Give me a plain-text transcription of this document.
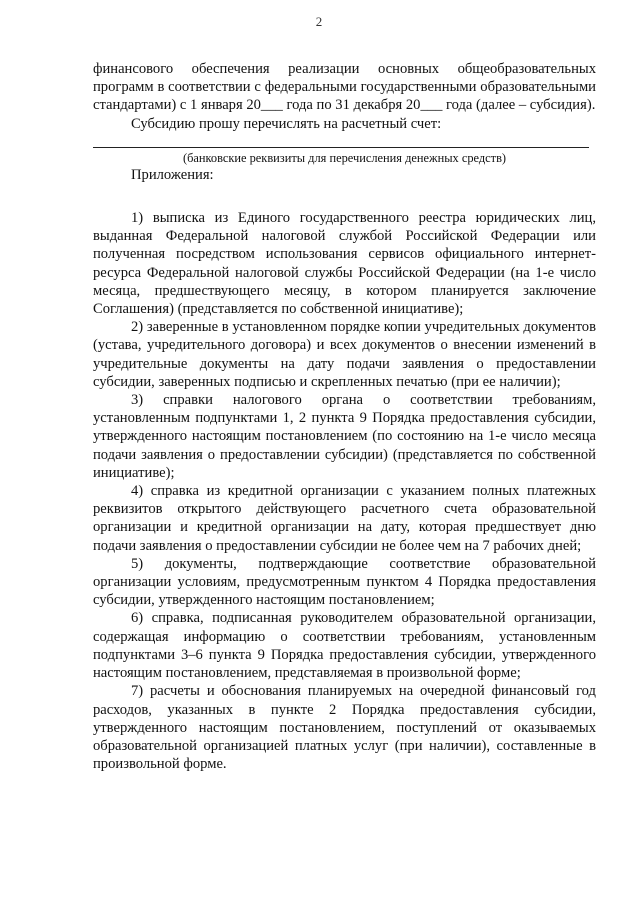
2

финансового обеспечения реализации основных общеобразовательных программ в соответствии с федеральными государственными образовательными стандартами) с 1 января 20___ года по 31 декабря 20___ года (далее – субсидия).

Субсидию прошу перечислять на расчетный счет:

(банковские реквизиты для перечисления денежных средств)

Приложения:

1) выписка из Единого государственного реестра юридических лиц, выданная Федеральной налоговой службой Российской Федерации или полученная посредством использования сервисов официального интернет-ресурса Федеральной налоговой службы Российской Федерации (на 1-е число месяца, предшествующего месяцу, в котором планируется заключение Соглашения) (представляется по собственной инициативе);

2) заверенные в установленном порядке копии учредительных документов (устава, учредительного договора) и всех документов о внесении изменений в учредительные документы на дату подачи заявления о предоставлении субсидии, заверенных подписью и скрепленных печатью (при ее наличии);

3) справки налогового органа о соответствии требованиям, установленным подпунктами 1, 2 пункта 9 Порядка предоставления субсидии, утвержденного настоящим постановлением (по состоянию на 1-е число месяца подачи заявления о предоставлении субсидии) (представляется по собственной инициативе);

4) справка из кредитной организации с указанием полных платежных реквизитов открытого действующего расчетного счета образовательной организации и кредитной организации на дату, которая предшествует дню подачи заявления о предоставлении субсидии не более чем на 7 рабочих дней;

5) документы, подтверждающие соответствие образовательной организации условиям, предусмотренным пунктом 4 Порядка предоставления субсидии, утвержденного настоящим постановлением;

6) справка, подписанная руководителем образовательной организации, содержащая информацию о соответствии требованиям, установленным подпунктами 3–6 пункта 9 Порядка предоставления субсидии, утвержденного настоящим постановлением, представляемая в произвольной форме;

7) расчеты и обоснования планируемых на очередной финансовый год расходов, указанных в пункте 2 Порядка предоставления субсидии, утвержденного настоящим постановлением, поступлений от оказываемых образовательной организацией платных услуг (при наличии), составленные в произвольной форме.
